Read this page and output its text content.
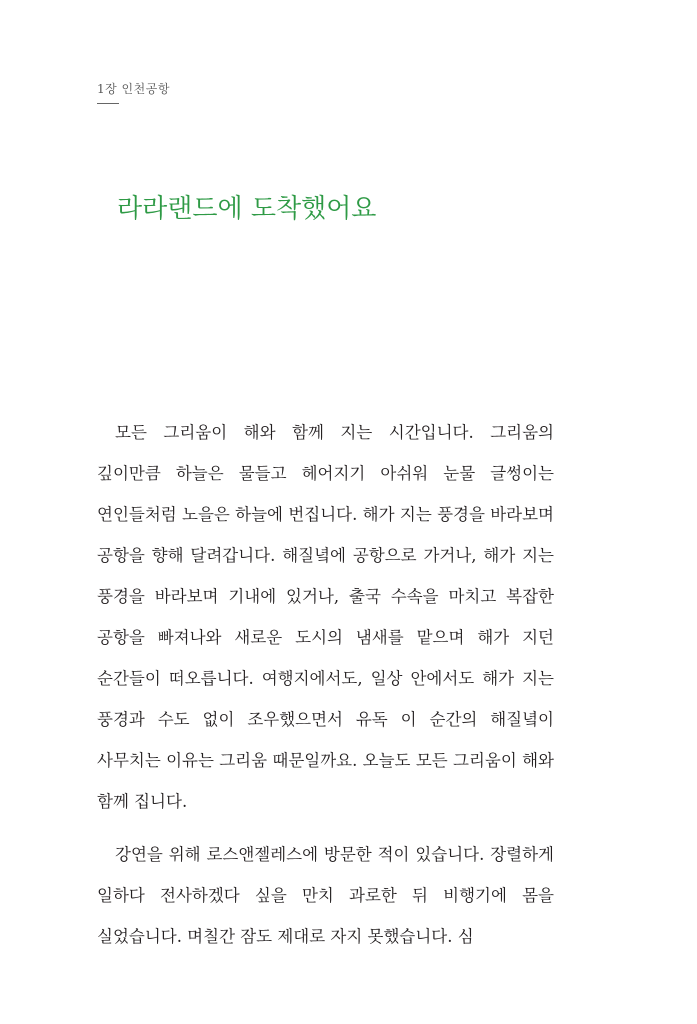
1장 인천공항
라라랜드에 도착했어요

모든 그리움이 해와 함께 지는 시간입니다. 그리움의 깊이만큼 하늘은 물들고 헤어지기 아쉬워 눈물 글썽이는 연인들처럼 노을은 하늘에 번집니다. 해가 지는 풍경을 바라보며 공항을 향해 달려갑니다. 해질녘에 공항으로 가거나, 해가 지는 풍경을 바라보며 기내에 있거나, 출국 수속을 마치고 복잡한 공항을 빠져나와 새로운 도시의 냄새를 맡으며 해가 지던 순간들이 떠오릅니다. 여행지에서도, 일상 안에서도 해가 지는 풍경과 수도 없이 조우했으면서 유독 이 순간의 해질녘이 사무치는 이유는 그리움 때문일까요. 오늘도 모든 그리움이 해와 함께 집니다.

강연을 위해 로스앤젤레스에 방문한 적이 있습니다. 장렬하게 일하다 전사하겠다 싶을 만치 과로한 뒤 비행기에 몸을 실었습니다. 며칠간 잠도 제대로 자지 못했습니다. 심
